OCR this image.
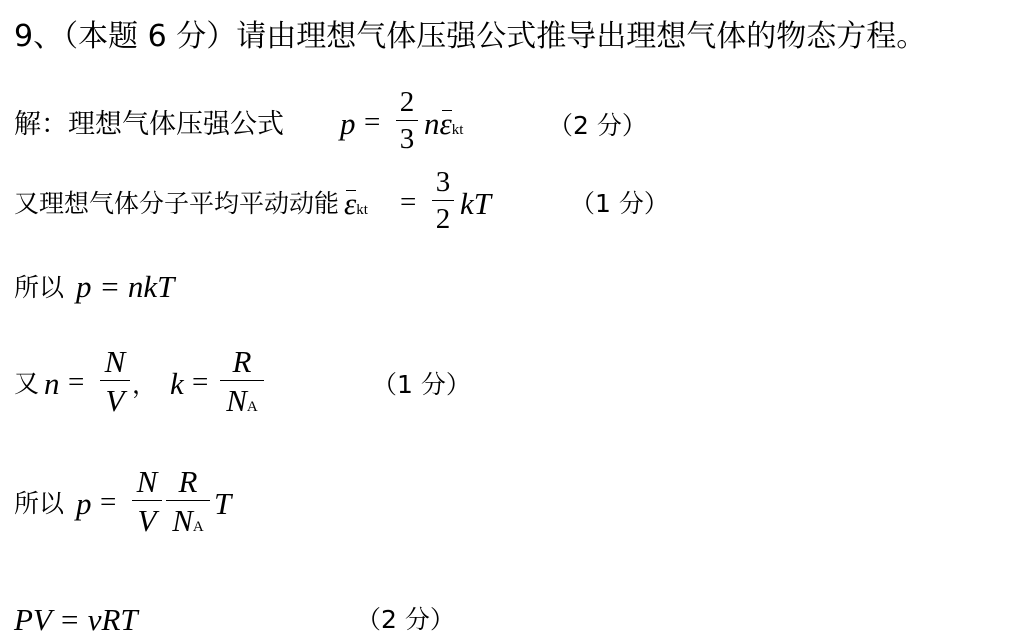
9、（本题 6 分）请由理想气体压强公式推导出理想气体的物态方程。
解：理想气体压强公式 p =
2
3 n
εkt	（2 分）
又理想气体分子平均平动动能 εkt =
3
2 kT	（1 分）
所以 p = nkT
又 n =
N
V ， k =
R
NA
（1 分）
所以 p =
N
V
R
NA
T
PV = νRT	（2 分）
